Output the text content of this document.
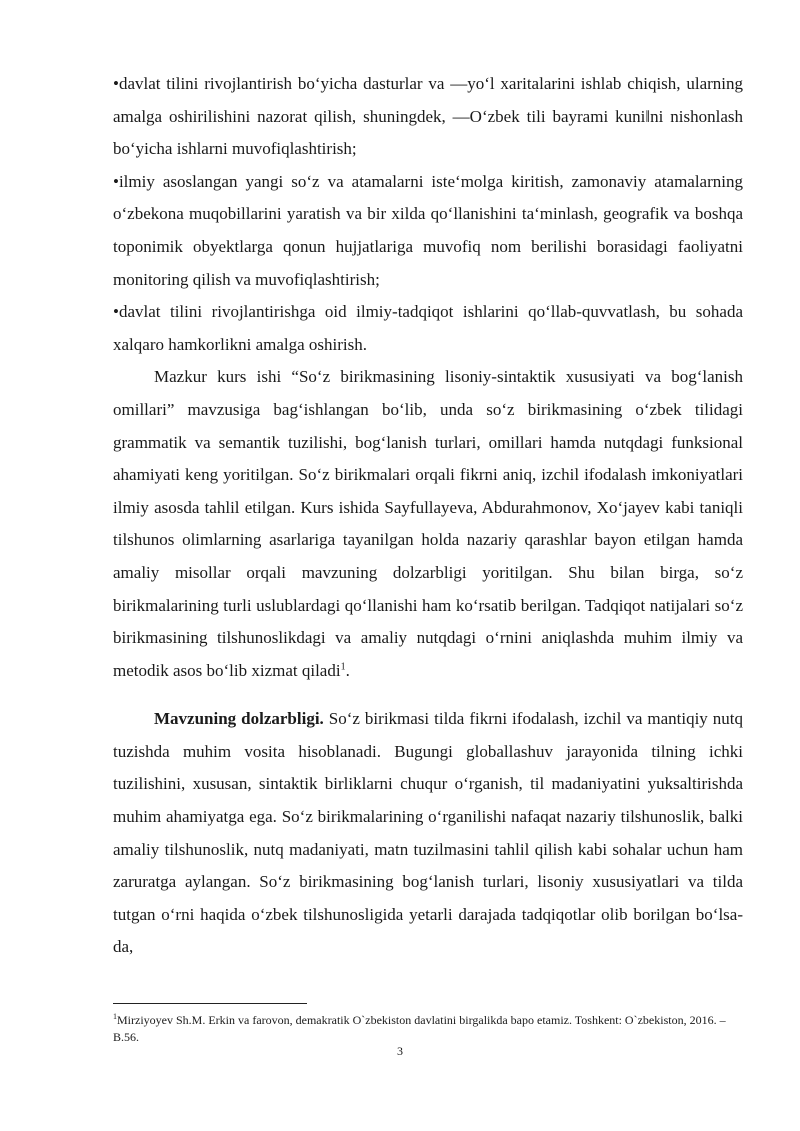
•davlat tilini rivojlantirish bo‘yicha dasturlar va ―yo‘l xaritalarini ishlab chiqish, ularning amalga oshirilishini nazorat qilish, shuningdek, ―O‘zbek tili bayrami kuni‖ni nishonlash bo‘yicha ishlarni muvofiqlashtirish;

•ilmiy asoslangan yangi so‘z va atamalarni iste‘molga kiritish, zamonaviy atamalarning o‘zbekona muqobillarini yaratish va bir xilda qo‘llanishini ta‘minlash, geografik va boshqa toponimik obyektlarga qonun hujjatlariga muvofiq nom berilishi borasidagi faoliyatni monitoring qilish va muvofiqlashtirish;

•davlat tilini rivojlantirishga oid ilmiy-tadqiqot ishlarini qo‘llab-quvvatlash, bu sohada xalqaro hamkorlikni amalga oshirish.

Mazkur kurs ishi “So‘z birikmasining lisoniy-sintaktik xususiyati va bog‘lanish omillari” mavzusiga bag‘ishlangan bo‘lib, unda so‘z birikmasining o‘zbek tilidagi grammatik va semantik tuzilishi, bog‘lanish turlari, omillari hamda nutqdagi funksional ahamiyati keng yoritilgan. So‘z birikmalari orqali fikrni aniq, izchil ifodalash imkoniyatlari ilmiy asosda tahlil etilgan. Kurs ishida Sayfullayeva, Abdurahmonov, Xo‘jayev kabi taniqli tilshunos olimlarning asarlariga tayanilgan holda nazariy qarashlar bayon etilgan hamda amaliy misollar orqali mavzuning dolzarbligi yoritilgan. Shu bilan birga, so‘z birikmalarining turli uslublardagi qo‘llanishi ham ko‘rsatib berilgan. Tadqiqot natijalari so‘z birikmasining tilshunoslikdagi va amaliy nutqdagi o‘rnini aniqlashda muhim ilmiy va metodik asos bo‘lib xizmat qiladi$^1$.

Mavzuning dolzarbligi. So‘z birikmasi tilda fikrni ifodalash, izchil va mantiqiy nutq tuzishda muhim vosita hisoblanadi. Bugungi globallashuv jarayonida tilning ichki tuzilishini, xususan, sintaktik birliklarni chuqur o‘rganish, til madaniyatini yuksaltirishda muhim ahamiyatga ega. So‘z birikmalarining o‘rganilishi nafaqat nazariy tilshunoslik, balki amaliy tilshunoslik, nutq madaniyati, matn tuzilmasini tahlil qilish kabi sohalar uchun ham zaruratga aylangan. So‘z birikmasining bog‘lanish turlari, lisoniy xususiyatlari va tilda tutgan o‘rni haqida o‘zbek tilshunosligida yetarli darajada tadqiqotlar olib borilgan bo‘lsa-da,

$^1$Mirziyoyev Sh.M. Erkin va farovon, demakratik O`zbekiston davlatini birgalikda bapo etamiz. Toshkent: O`zbekiston, 2016. – B.56.

3
